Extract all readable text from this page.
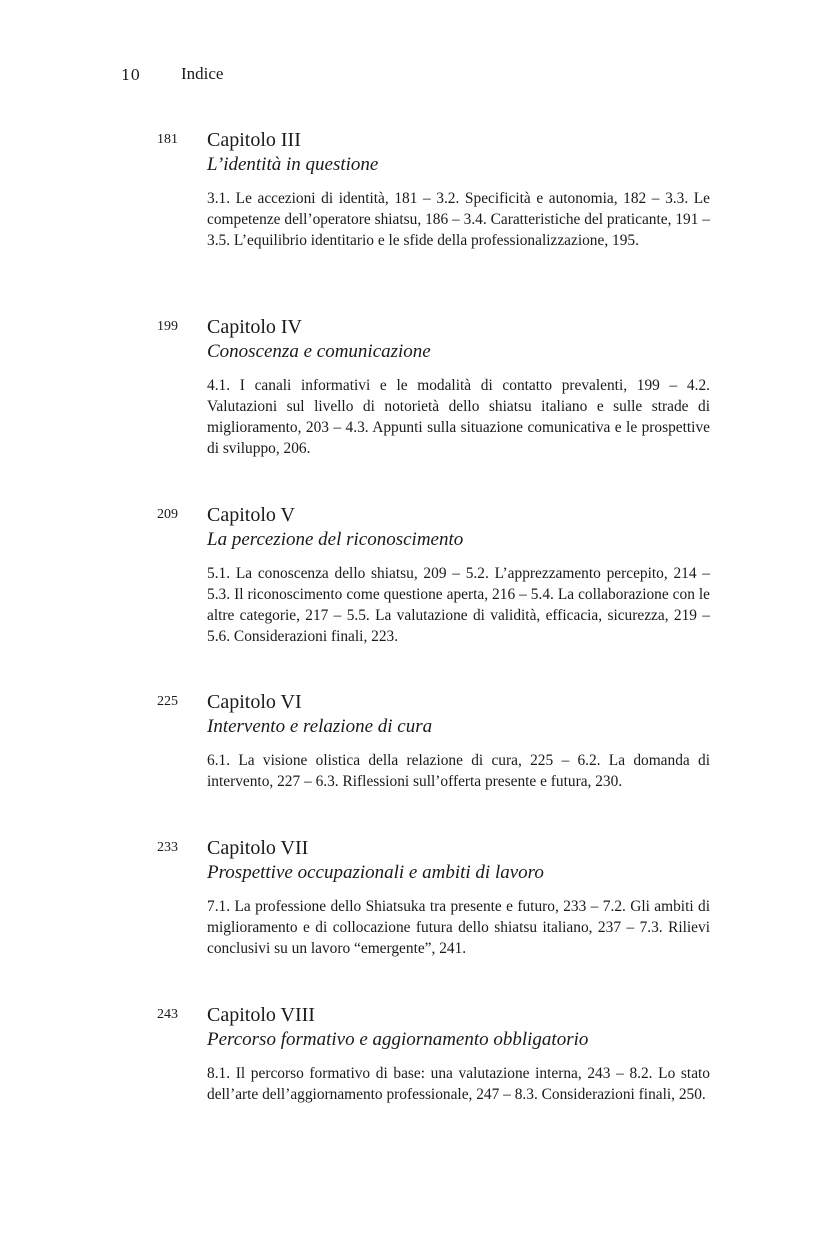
10 Indice
181 Capitolo III
L’identità in questione
3.1. Le accezioni di identità, 181 – 3.2. Specificità e autonomia, 182 – 3.3. Le competenze dell’operatore shiatsu, 186 – 3.4. Caratteristiche del praticante, 191 – 3.5. L’equilibrio identitario e le sfide della professionalizzazione, 195.
199 Capitolo IV
Conoscenza e comunicazione
4.1. I canali informativi e le modalità di contatto prevalenti, 199 – 4.2. Valutazioni sul livello di notorietà dello shiatsu italiano e sulle strade di miglioramento, 203 – 4.3. Appunti sulla situazione comunicativa e le prospettive di sviluppo, 206.
209 Capitolo V
La percezione del riconoscimento
5.1. La conoscenza dello shiatsu, 209 – 5.2. L’apprezzamento percepito, 214 – 5.3. Il riconoscimento come questione aperta, 216 – 5.4. La collaborazione con le altre categorie, 217 – 5.5. La valutazione di validità, efficacia, sicurezza, 219 – 5.6. Considerazioni finali, 223.
225 Capitolo VI
Intervento e relazione di cura
6.1. La visione olistica della relazione di cura, 225 – 6.2. La domanda di intervento, 227 – 6.3. Riflessioni sull’offerta presente e futura, 230.
233 Capitolo VII
Prospettive occupazionali e ambiti di lavoro
7.1. La professione dello Shiatsuka tra presente e futuro, 233 – 7.2. Gli ambiti di miglioramento e di collocazione futura dello shiatsu italiano, 237 – 7.3. Rilievi conclusivi su un lavoro “emergente”, 241.
243 Capitolo VIII
Percorso formativo e aggiornamento obbligatorio
8.1. Il percorso formativo di base: una valutazione interna, 243 – 8.2. Lo stato dell’arte dell’aggiornamento professionale, 247 – 8.3. Considerazioni finali, 250.
